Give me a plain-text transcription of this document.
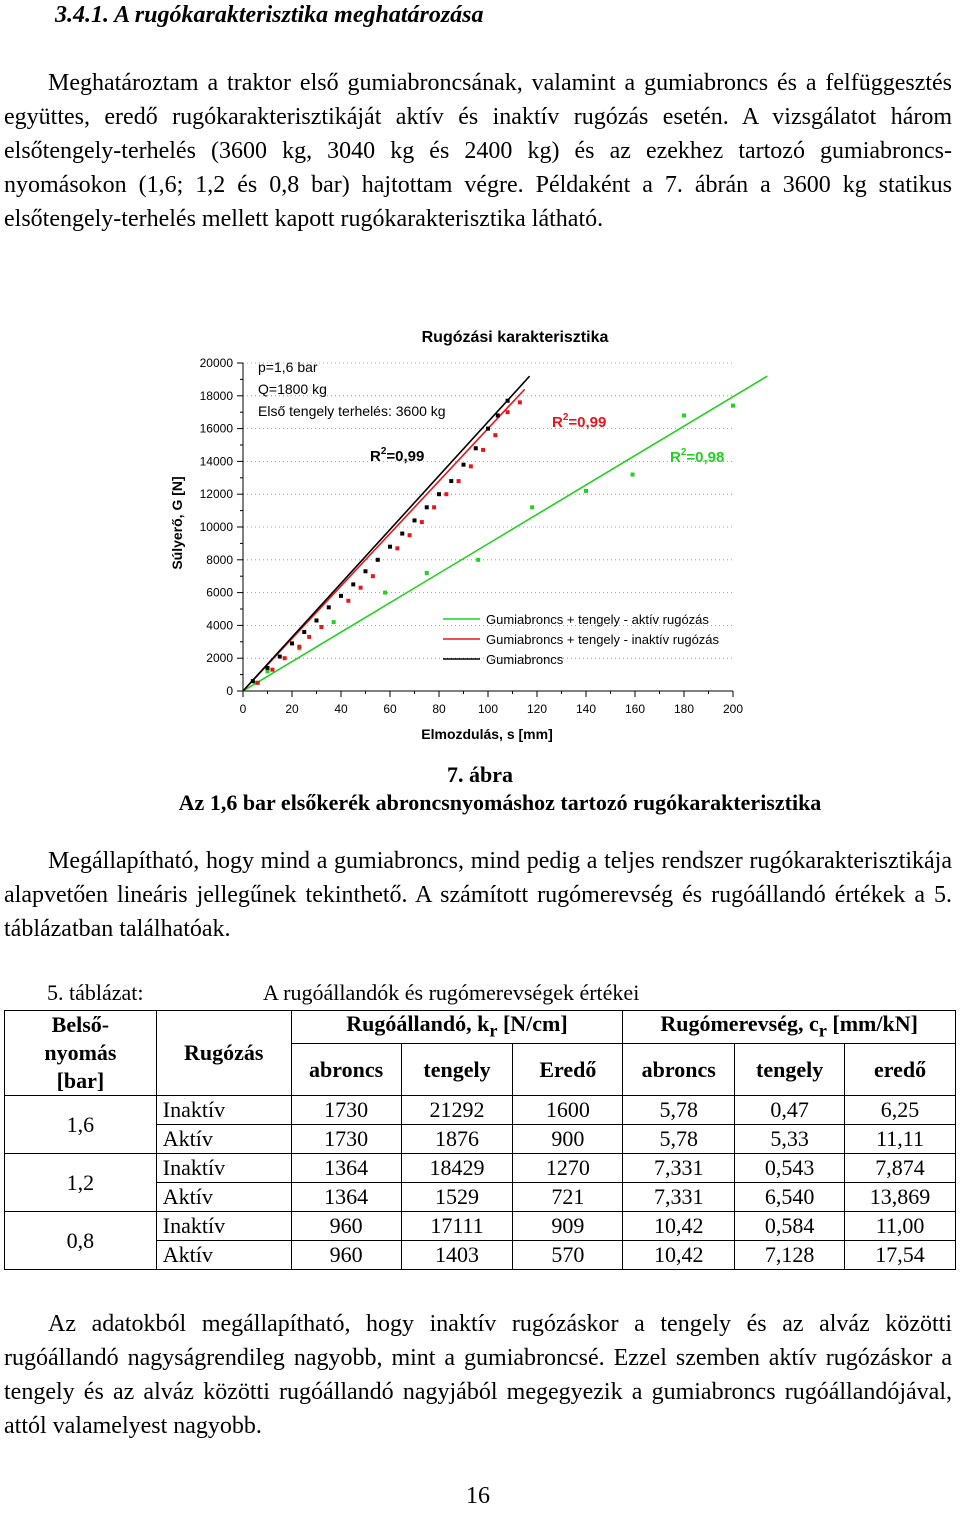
3.4.1. A rugókarakterisztika meghatározása
Meghatároztam a traktor első gumiabroncsának, valamint a gumiabroncs és a felfüggesztés együttes, eredő rugókarakterisztikáját aktív és inaktív rugózás esetén. A vizsgálatot három elsőtengely-terhelés (3600 kg, 3040 kg és 2400 kg) és az ezekhez tartozó gumiabroncs-nyomásokon (1,6; 1,2 és 0,8 bar) hajtottam végre. Példaként a 7. ábrán a 3600 kg statikus elsőtengely-terhelés mellett kapott rugókarakterisztika látható.
0
2000
4000
6000
8000
10000
12000
14000
16000
18000
20000
0	20	40	60	80	100 120 140 160 180 200
Rugózási karakterisztika
p=1,6 bar
Q=1800 kg
Első tengely terhelés: 3600 kg
$R^2=0,99$
$R^2=0,99$
$R^2=0,98$
Elmozdulás, s [mm]
Súlyerő, G [N]
Gumiabroncs + tengely - aktív rugózás
Gumiabroncs + tengely - inaktív rugózás
Gumiabroncs
7. ábra
Az 1,6 bar elsőkerék abroncsnyomáshoz tartozó rugókarakterisztika
Megállapítható, hogy mind a gumiabroncs, mind pedig a teljes rendszer rugókarakterisztikája alapvetően lineáris jellegűnek tekinthető. A számított rugómerevség és rugóállandó értékek a 5. táblázatban találhatóak.
5. táblázat:	A rugóállandók és rugómerevségek értékei
Belső-
nyomás
[bar]	Rugózás	Rugóállandó, $k_r$ [N/cm]			Rugómerevség, $c_r$ [mm/kN]		
		abroncs	tengely	Eredő	abroncs	tengely	eredő
1,6	Inaktív	1730	21292	1600	5,78	0,47	6,25
	Aktív	1730	1876	900	5,78	5,33	11,11
1,2	Inaktív	1364	18429	1270	7,331	0,543	7,874
	Aktív	1364	1529	721	7,331	6,540	13,869
0,8	Inaktív	960	17111	909	10,42	0,584	11,00
	Aktív	960	1403	570	10,42	7,128	17,54
Az adatokból megállapítható, hogy inaktív rugózáskor a tengely és az alváz közötti rugóállandó nagyságrendileg nagyobb, mint a gumiabroncsé. Ezzel szemben aktív rugózáskor a tengely és az alváz közötti rugóállandó nagyjából megegyezik a gumiabroncs rugóállandójával, attól valamelyest nagyobb.
16
